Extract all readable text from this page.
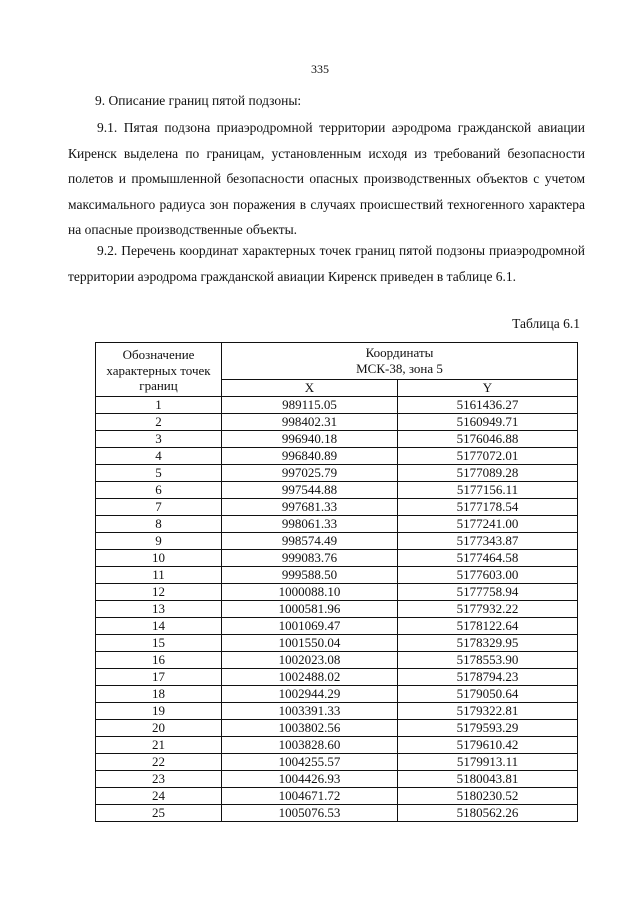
335
9. Описание границ пятой подзоны:

9.1. Пятая подзона приаэродромной территории аэродрома гражданской авиации Киренск выделена по границам, установленным исходя из требований безопасности полетов и промышленной безопасности опасных производственных объектов с учетом максимального радиуса зон поражения в случаях происшествий техногенного характера на опасные производственные объекты.

9.2. Перечень координат характерных точек границ пятой подзоны приаэродромной территории аэродрома гражданской авиации Киренск приведен в таблице 6.1.

Таблица 6.1
Обозначение характерных точек границ	Координаты
МСК-38, зона 5	

	X	Y
1	989115.05	5161436.27
2	998402.31	5160949.71
3	996940.18	5176046.88
4	996840.89	5177072.01
5	997025.79	5177089.28
6	997544.88	5177156.11
7	997681.33	5177178.54
8	998061.33	5177241.00
9	998574.49	5177343.87
10	999083.76	5177464.58
11	999588.50	5177603.00
12	1000088.10	5177758.94
13	1000581.96	5177932.22
14	1001069.47	5178122.64
15	1001550.04	5178329.95
16	1002023.08	5178553.90
17	1002488.02	5178794.23
18	1002944.29	5179050.64
19	1003391.33	5179322.81
20	1003802.56	5179593.29
21	1003828.60	5179610.42
22	1004255.57	5179913.11
23	1004426.93	5180043.81
24	1004671.72	5180230.52
25	1005076.53	5180562.26
